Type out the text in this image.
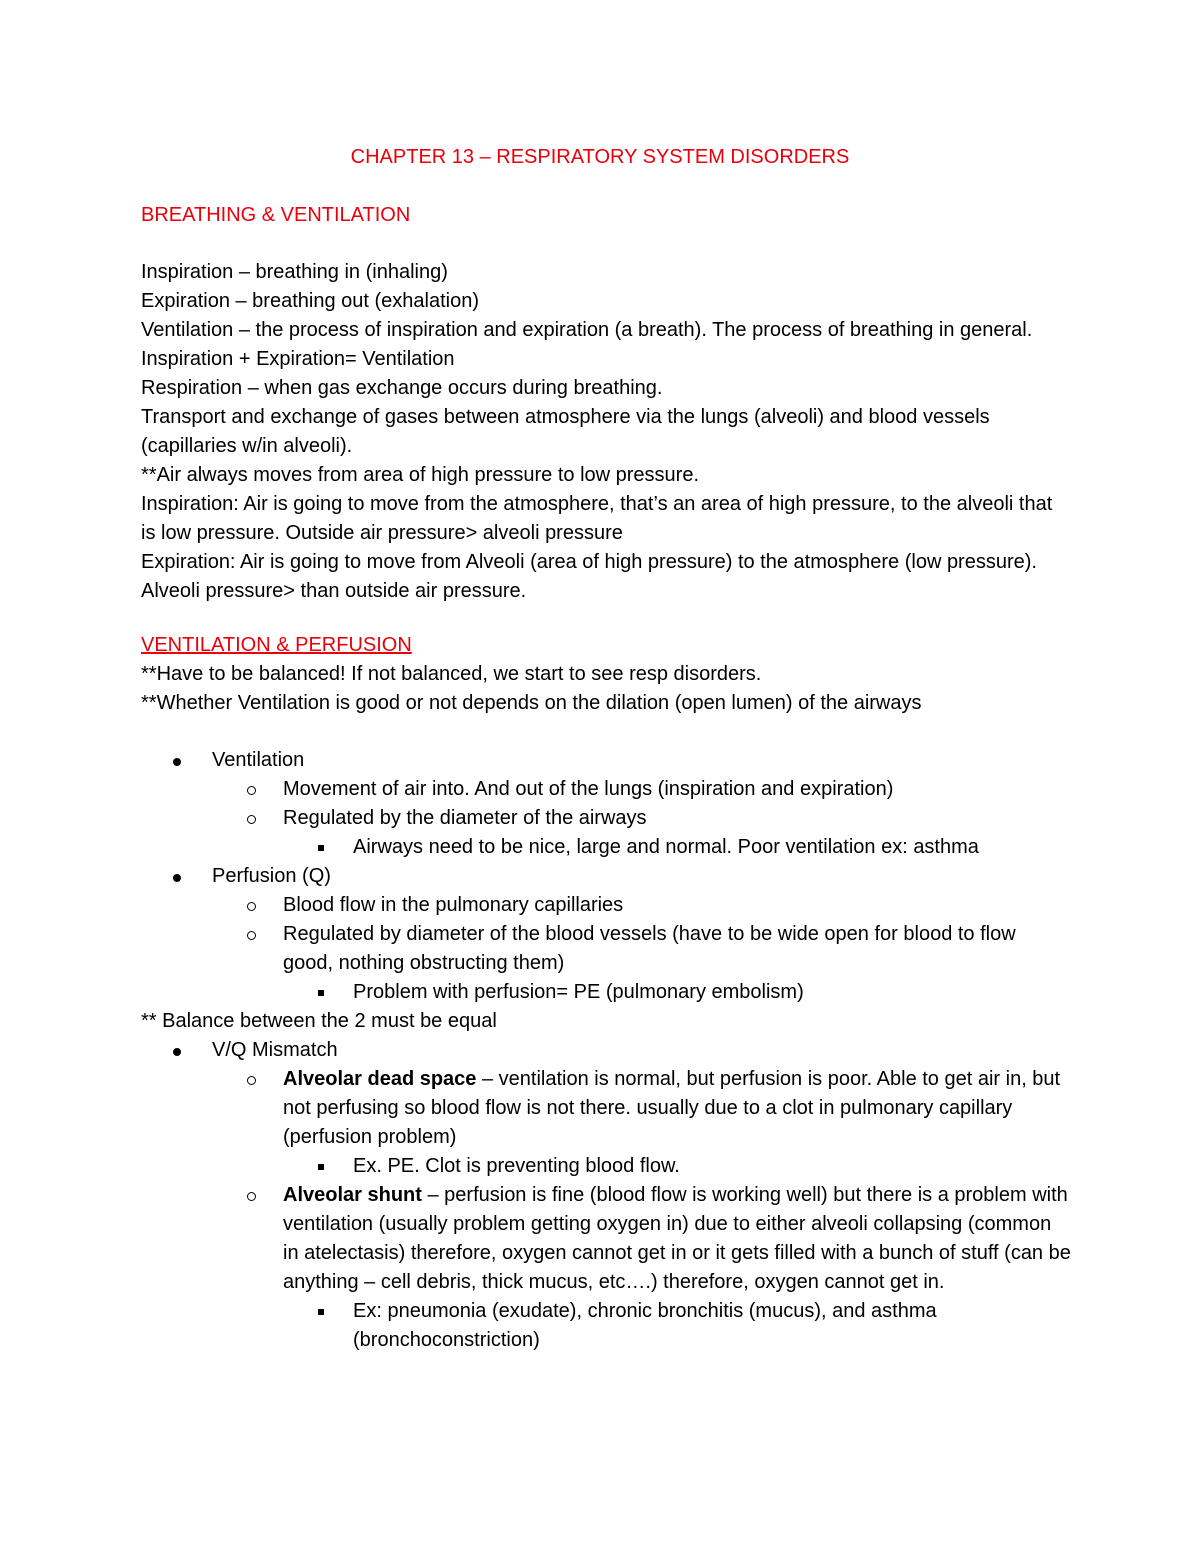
CHAPTER 13 – RESPIRATORY SYSTEM DISORDERS

BREATHING & VENTILATION

Inspiration – breathing in (inhaling)

Expiration – breathing out (exhalation)

Ventilation – the process of inspiration and expiration (a breath). The process of breathing in general. Inspiration + Expiration= Ventilation

Respiration – when gas exchange occurs during breathing.

Transport and exchange of gases between atmosphere via the lungs (alveoli) and blood vessels (capillaries w/in alveoli).

**Air always moves from area of high pressure to low pressure.

Inspiration: Air is going to move from the atmosphere, that’s an area of high pressure, to the alveoli that is low pressure. Outside air pressure> alveoli pressure

Expiration: Air is going to move from Alveoli (area of high pressure) to the atmosphere (low pressure). Alveoli pressure> than outside air pressure.

VENTILATION & PERFUSION

**Have to be balanced! If not balanced, we start to see resp disorders.

**Whether Ventilation is good or not depends on the dilation (open lumen) of the airways

Ventilation

Movement of air into. And out of the lungs (inspiration and expiration)

Regulated by the diameter of the airways

Airways need to be nice, large and normal. Poor ventilation ex: asthma

Perfusion (Q)

Blood flow in the pulmonary capillaries

Regulated by diameter of the blood vessels (have to be wide open for blood to flow good, nothing obstructing them)

Problem with perfusion= PE (pulmonary embolism)

** Balance between the 2 must be equal

V/Q Mismatch

Alveolar dead space – ventilation is normal, but perfusion is poor. Able to get air in, but not perfusing so blood flow is not there. usually due to a clot in pulmonary capillary (perfusion problem)

Ex. PE. Clot is preventing blood flow.

Alveolar shunt – perfusion is fine (blood flow is working well) but there is a problem with ventilation (usually problem getting oxygen in) due to either alveoli collapsing (common in atelectasis) therefore, oxygen cannot get in or it gets filled with a bunch of stuff (can be anything – cell debris, thick mucus, etc….) therefore, oxygen cannot get in.

Ex: pneumonia (exudate), chronic bronchitis (mucus), and asthma (bronchoconstriction)
